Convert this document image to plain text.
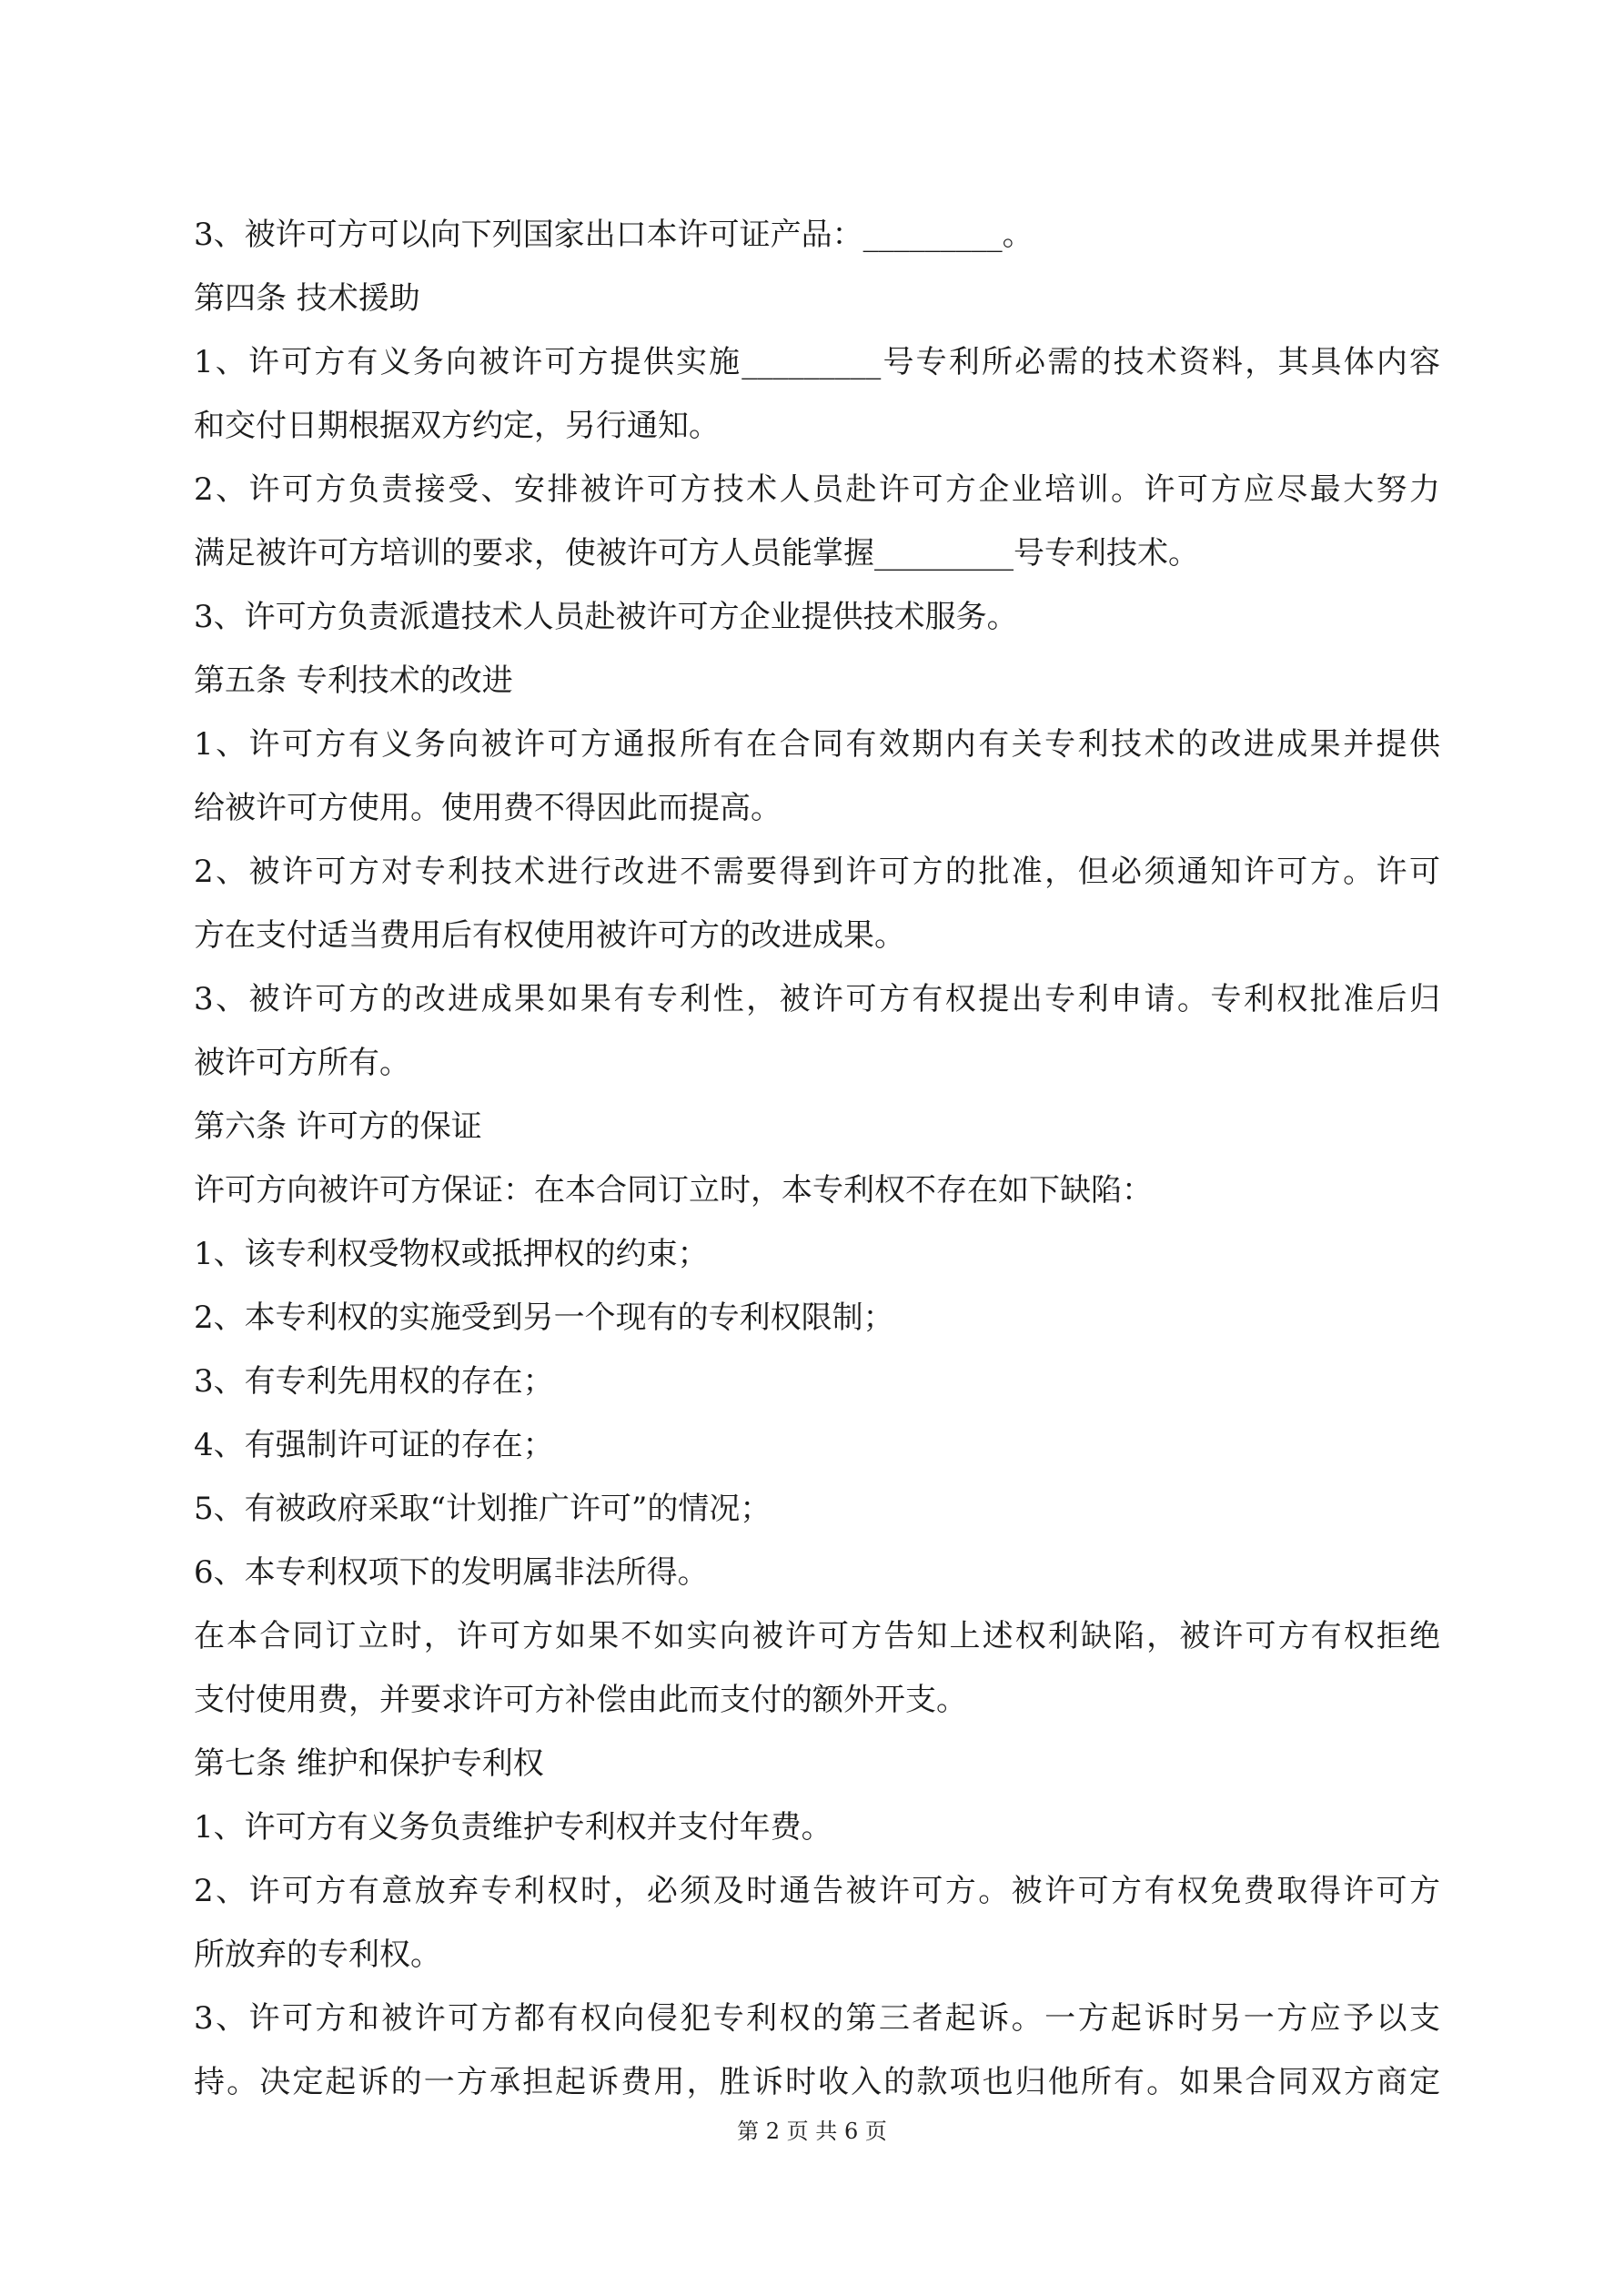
3、被许可方可以向下列国家出口本许可证产品：_________。
第四条 技术援助
1、许可方有义务向被许可方提供实施_________号专利所必需的技术资料，其具体内容
和交付日期根据双方约定，另行通知。
2、许可方负责接受、安排被许可方技术人员赴许可方企业培训。许可方应尽最大努力
满足被许可方培训的要求，使被许可方人员能掌握_________号专利技术。
3、许可方负责派遣技术人员赴被许可方企业提供技术服务。
第五条 专利技术的改进
1、许可方有义务向被许可方通报所有在合同有效期内有关专利技术的改进成果并提供
给被许可方使用。使用费不得因此而提高。
2、被许可方对专利技术进行改进不需要得到许可方的批准，但必须通知许可方。许可
方在支付适当费用后有权使用被许可方的改进成果。
3、被许可方的改进成果如果有专利性，被许可方有权提出专利申请。专利权批准后归
被许可方所有。
第六条 许可方的保证
许可方向被许可方保证：在本合同订立时，本专利权不存在如下缺陷：
1、该专利权受物权或抵押权的约束；
2、本专利权的实施受到另一个现有的专利权限制；
3、有专利先用权的存在；
4、有强制许可证的存在；
5、有被政府采取“计划推广许可”的情况；
6、本专利权项下的发明属非法所得。
在本合同订立时，许可方如果不如实向被许可方告知上述权利缺陷，被许可方有权拒绝
支付使用费，并要求许可方补偿由此而支付的额外开支。
第七条 维护和保护专利权
1、许可方有义务负责维护专利权并支付年费。
2、许可方有意放弃专利权时，必须及时通告被许可方。被许可方有权免费取得许可方
所放弃的专利权。
3、许可方和被许可方都有权向侵犯专利权的第三者起诉。一方起诉时另一方应予以支
持。决定起诉的一方承担起诉费用，胜诉时收入的款项也归他所有。如果合同双方商定
第 2 页 共 6 页
